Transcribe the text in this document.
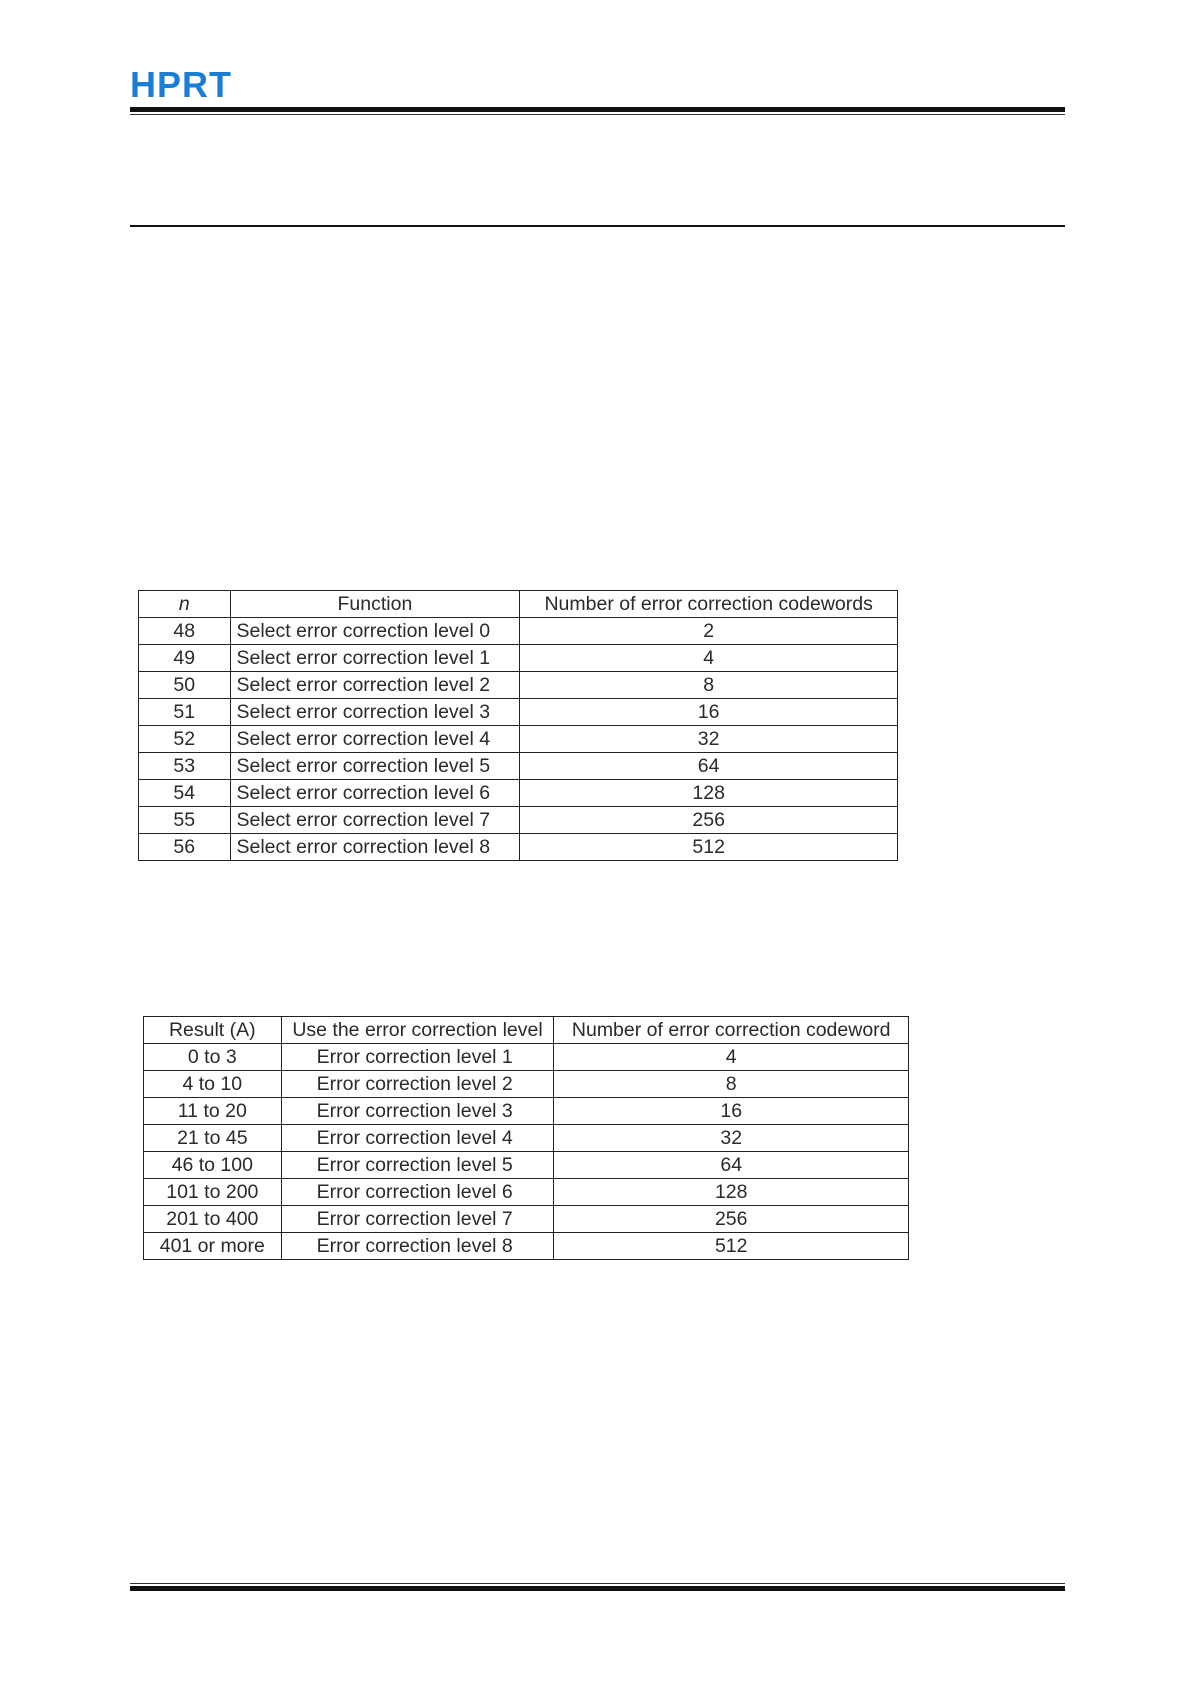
HPRT
n	Function	Number of error correction codewords
48	Select error correction level 0	2
49	Select error correction level 1	4
50	Select error correction level 2	8
51	Select error correction level 3	16
52	Select error correction level 4	32
53	Select error correction level 5	64
54	Select error correction level 6	128
55	Select error correction level 7	256
56	Select error correction level 8	512
Result (A)	Use the error correction level	Number of error correction codeword
0 to 3	Error correction level 1	4
4 to 10	Error correction level 2	8
11 to 20	Error correction level 3	16
21 to 45	Error correction level 4	32
46 to 100	Error correction level 5	64
101 to 200	Error correction level 6	128
201 to 400	Error correction level 7	256
401 or more	Error correction level 8	512
